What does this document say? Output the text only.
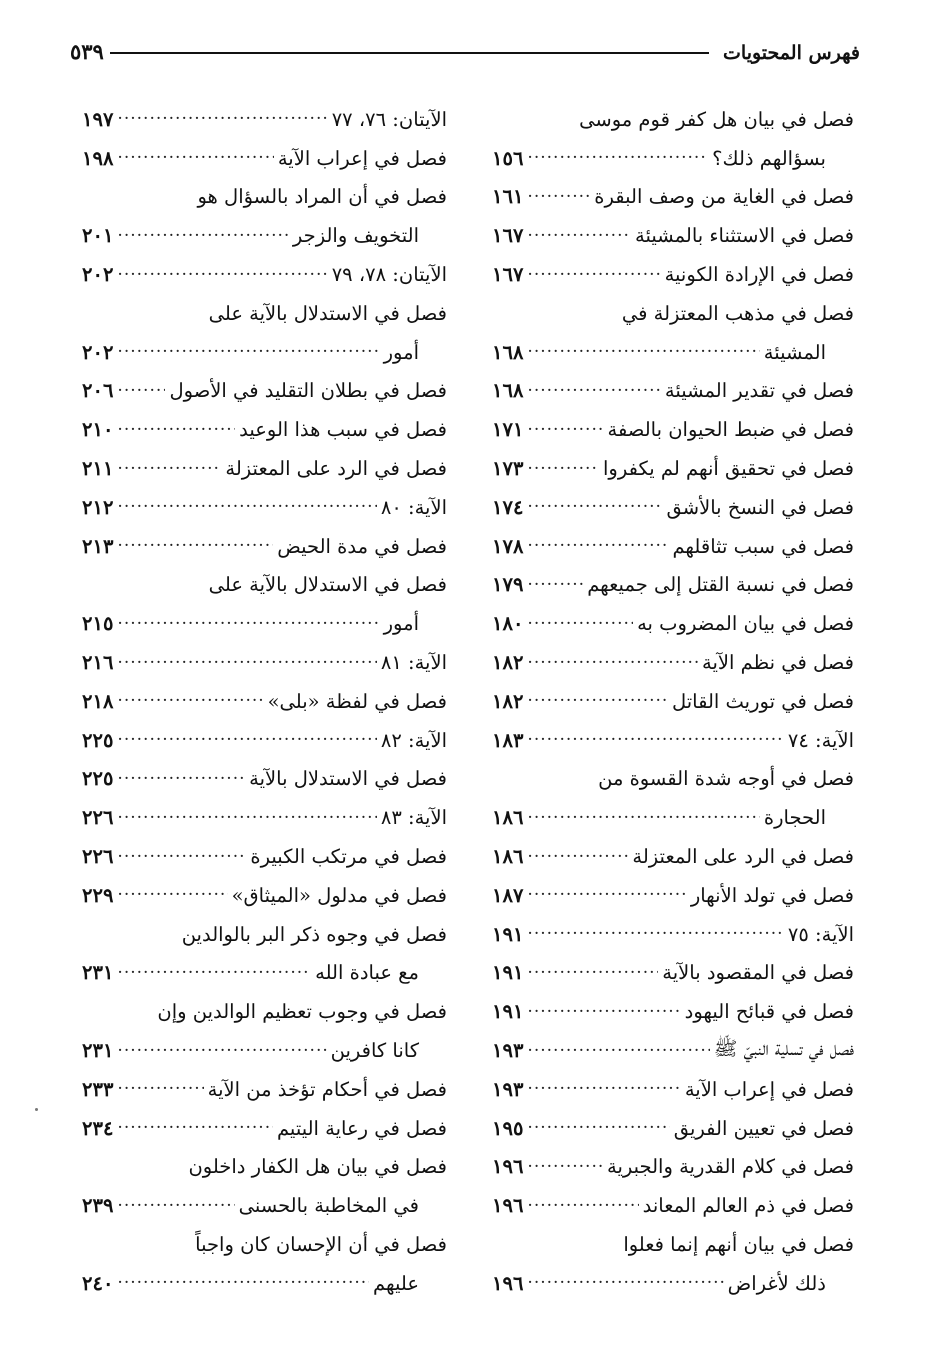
فهرس المحتويات
٥٣٩
فصل في بيان هل كفر قوم موسى
بسؤالهم ذلك؟
.....
١٥٦
فصل في الغاية من وصف البقرة
.....
١٦١
فصل في الاستثناء بالمشيئة
.....
١٦٧
فصل في الإرادة الكونية
.....
١٦٧
فصل في مذهب المعتزلة في
المشيئة
.....
١٦٨
فصل في تقدير المشيئة
.....
١٦٨
فصل في ضبط الحيوان بالصفة
.....
١٧١
فصل في تحقيق أنهم لم يكفروا
.....
١٧٣
فصل في النسخ بالأشق
.....
١٧٤
فصل في سبب تثاقلهم
.....
١٧٨
فصل في نسبة القتل إلى جميعهم
.....
١٧٩
فصل في بيان المضروب به
.....
١٨٠
فصل في نظم الآية
.....
١٨٢
فصل في توريث القاتل
.....
١٨٢
الآية: ٧٤
.....
١٨٣
فصل في أوجه شدة القسوة من
الحجارة
.....
١٨٦
فصل في الرد على المعتزلة
.....
١٨٦
فصل في تولد الأنهار
.....
١٨٧
الآية: ٧٥
.....
١٩١
فصل في المقصود بالآية
.....
١٩١
فصل في قبائح اليهود
.....
١٩١
فصل في تسلية النبيّ ﷺ
.....
١٩٣
فصل في إعراب الآية
.....
١٩٣
فصل في تعيين الفريق
.....
١٩٥
فصل في كلام القدرية والجبرية
.....
١٩٦
فصل في ذم العالم المعاند
.....
١٩٦
فصل في بيان أنهم إنما فعلوا
ذلك لأغراض
.....
١٩٦
الآيتان: ٧٦، ٧٧
.....
١٩٧
فصل في إعراب الآية
.....
١٩٨
فصل في أن المراد بالسؤال هو
التخويف والزجر
.....
٢٠١
الآيتان: ٧٨، ٧٩
.....
٢٠٢
فصل في الاستدلال بالآية على
أمور
.....
٢٠٢
فصل في بطلان التقليد في الأصول
.....
٢٠٦
فصل في سبب هذا الوعيد
.....
٢١٠
فصل في الرد على المعتزلة
.....
٢١١
الآية: ٨٠
.....
٢١٢
فصل في مدة الحيض
.....
٢١٣
فصل في الاستدلال بالآية على
أمور
.....
٢١٥
الآية: ٨١
.....
٢١٦
فصل في لفظة «بلى»
.....
٢١٨
الآية: ٨٢
.....
٢٢٥
فصل في الاستدلال بالآية
.....
٢٢٥
الآية: ٨٣
.....
٢٢٦
فصل في مرتكب الكبيرة
.....
٢٢٦
فصل في مدلول «الميثاق»
.....
٢٢٩
فصل في وجوه ذكر البر بالوالدين
مع عبادة الله
.....
٢٣١
فصل في وجوب تعظيم الوالدين وإن
كانا كافرين
.....
٢٣١
فصل في أحكام تؤخذ من الآية
.....
٢٣٣
فصل في رعاية اليتيم
.....
٢٣٤
فصل في بيان هل الكفار داخلون
في المخاطبة بالحسنى
.....
٢٣٩
فصل في أن الإحسان كان واجباً
عليهم
.....
٢٤٠
